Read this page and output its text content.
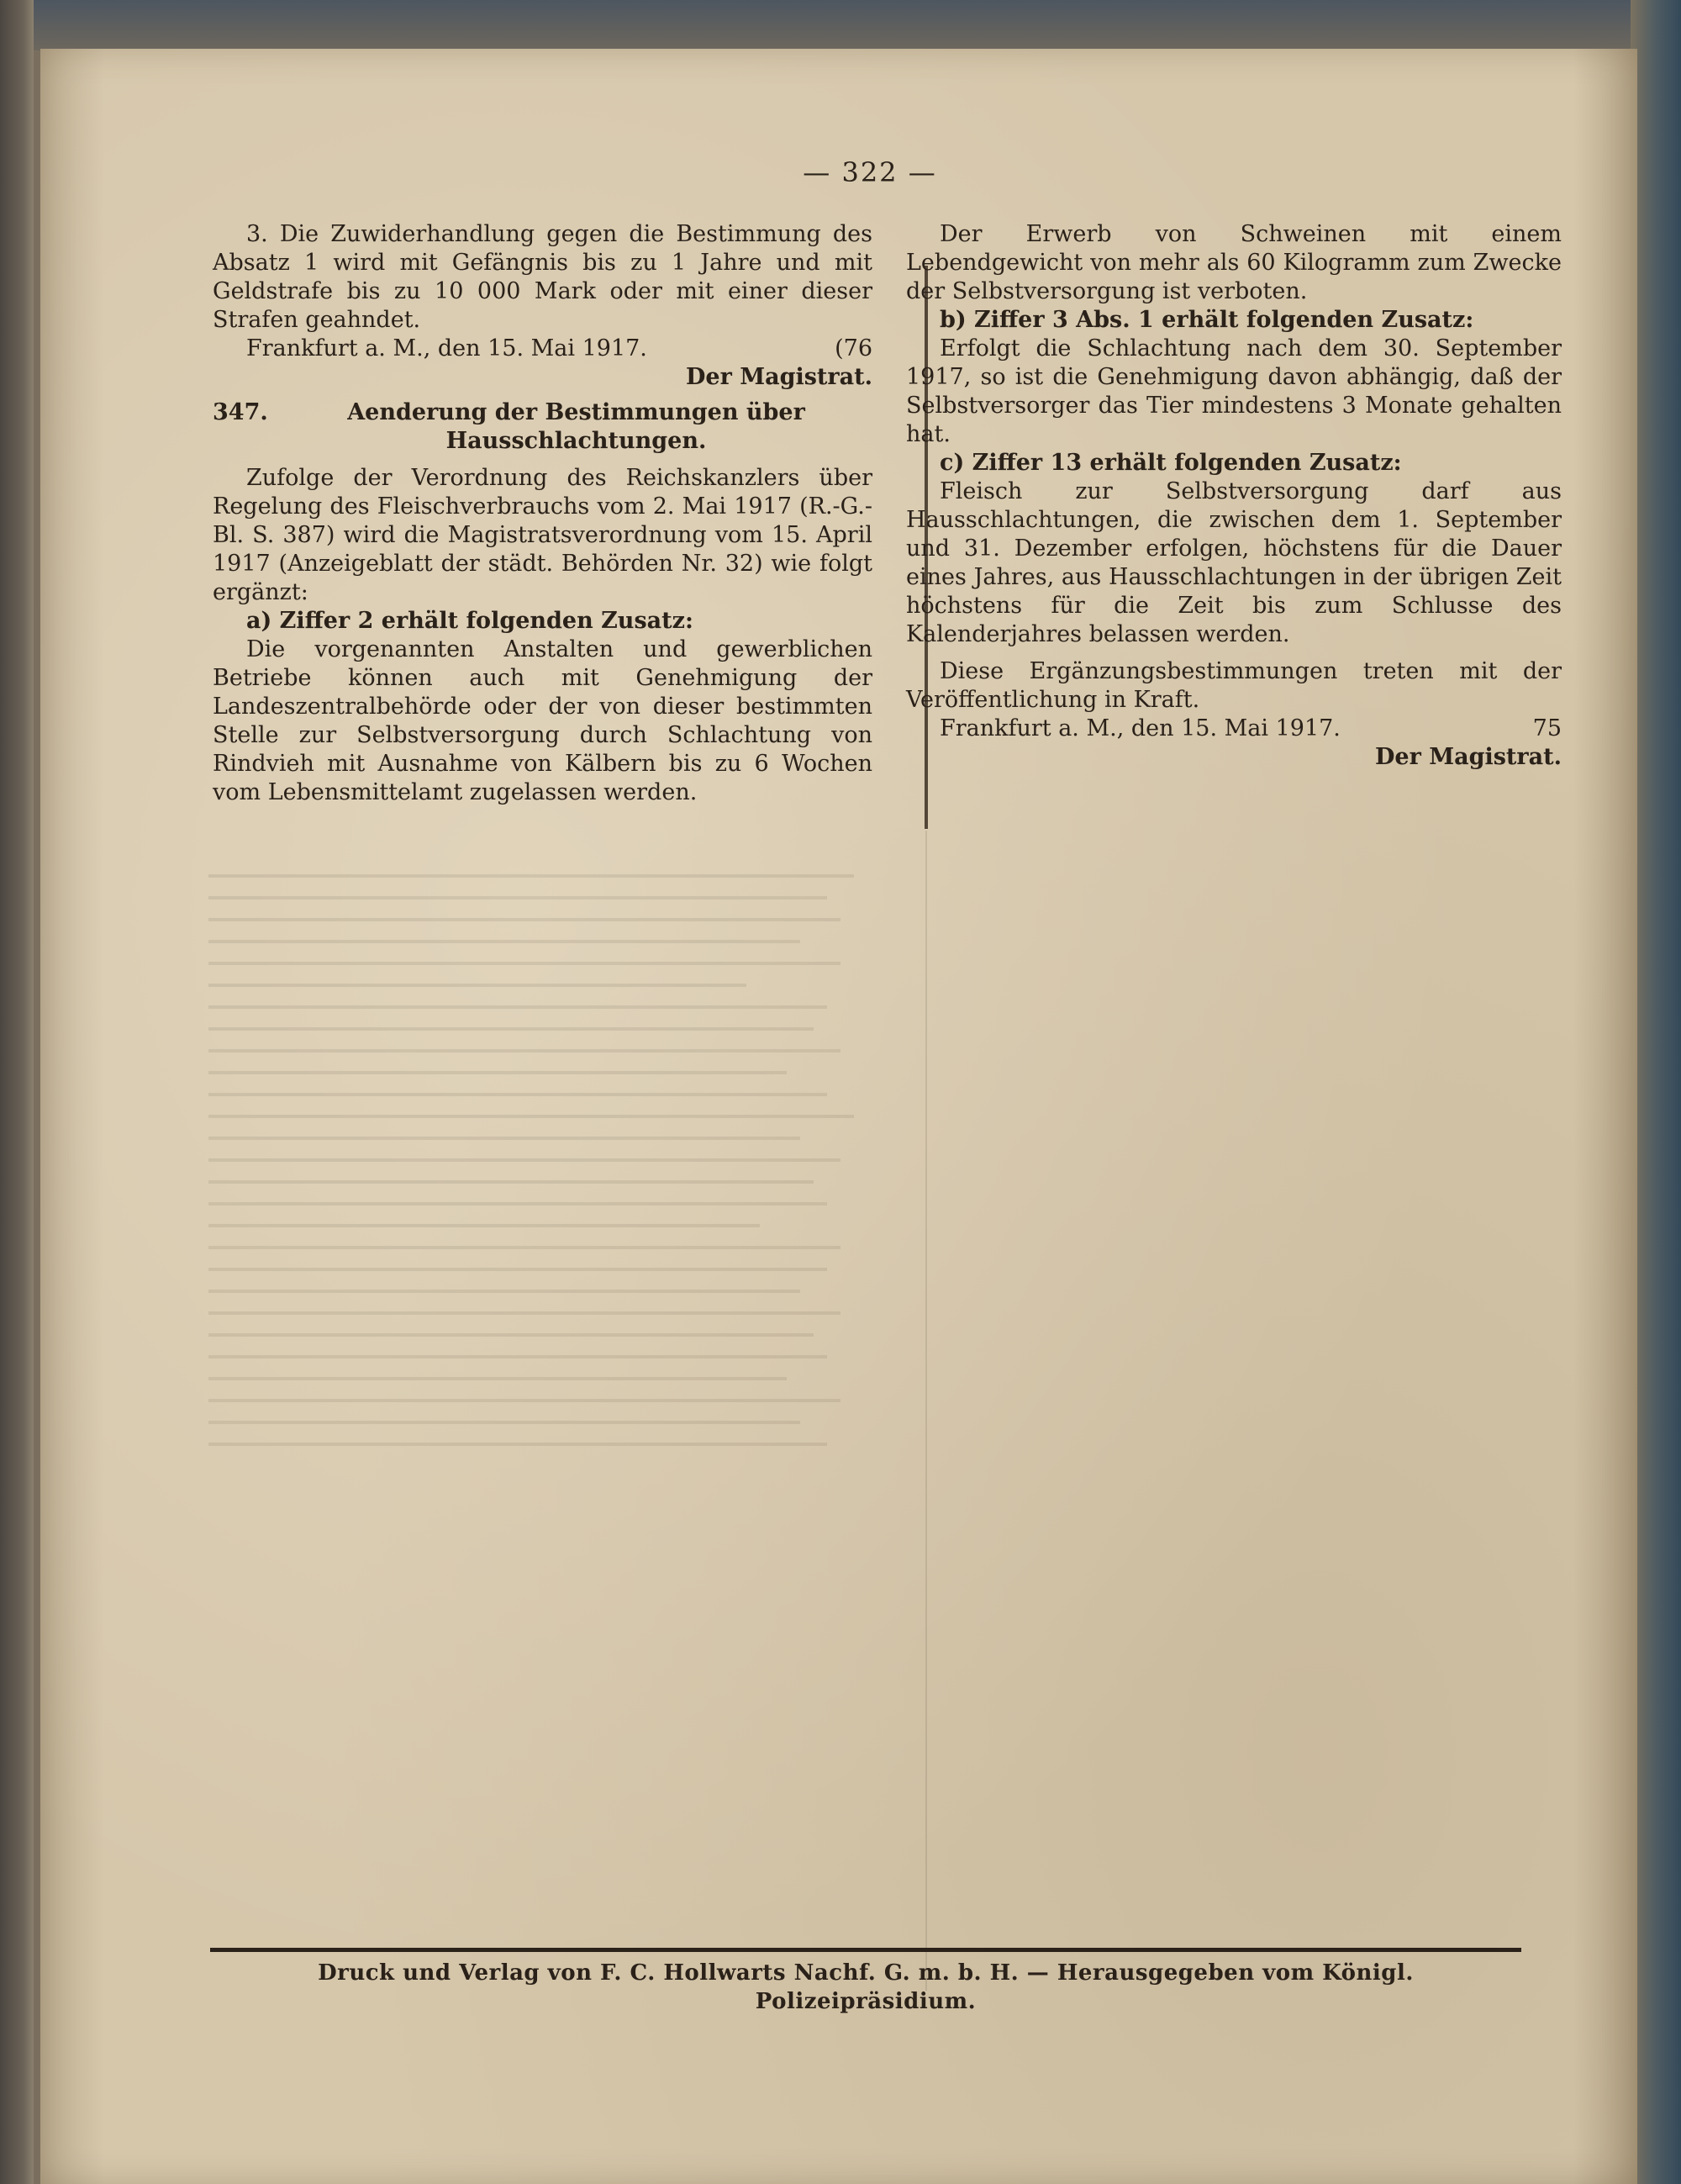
— 322 —

3. Die Zuwiderhandlung gegen die Bestimmung des Absatz 1 wird mit Gefängnis bis zu 1 Jahre und mit Geldstrafe bis zu 10 000 Mark oder mit einer dieser Strafen geahndet.

Frankfurt a. M., den 15. Mai 1917.	(76

Der Magistrat.

347.	Aenderung der Bestimmungen über Hausschlachtungen.

Zufolge der Verordnung des Reichskanzlers über Regelung des Fleischverbrauchs vom 2. Mai 1917 (R.-G.-Bl. S. 387) wird die Magistratsverordnung vom 15. April 1917 (Anzeigeblatt der städt. Behörden Nr. 32) wie folgt ergänzt:

a) Ziffer 2 erhält folgenden Zusatz:

Die vorgenannten Anstalten und gewerblichen Betriebe können auch mit Genehmigung der Landeszentralbehörde oder der von dieser bestimmten Stelle zur Selbstversorgung durch Schlachtung von Rindvieh mit Ausnahme von Kälbern bis zu 6 Wochen vom Lebensmittelamt zugelassen werden.

Der Erwerb von Schweinen mit einem Lebendgewicht von mehr als 60 Kilogramm zum Zwecke der Selbstversorgung ist verboten.

b) Ziffer 3 Abs. 1 erhält folgenden Zusatz:

Erfolgt die Schlachtung nach dem 30. September 1917, so ist die Genehmigung davon abhängig, daß der Selbstversorger das Tier mindestens 3 Monate gehalten hat.

c) Ziffer 13 erhält folgenden Zusatz:

Fleisch zur Selbstversorgung darf aus Hausschlachtungen, die zwischen dem 1. September und 31. Dezember erfolgen, höchstens für die Dauer eines Jahres, aus Hausschlachtungen in der übrigen Zeit höchstens für die Zeit bis zum Schlusse des Kalenderjahres belassen werden.

Diese Ergänzungsbestimmungen treten mit der Veröffentlichung in Kraft.

Frankfurt a. M., den 15. Mai 1917.	75

Der Magistrat.

Druck und Verlag von F. C. Hollwarts Nachf. G. m. b. H. — Herausgegeben vom Königl. Polizeipräsidium.
